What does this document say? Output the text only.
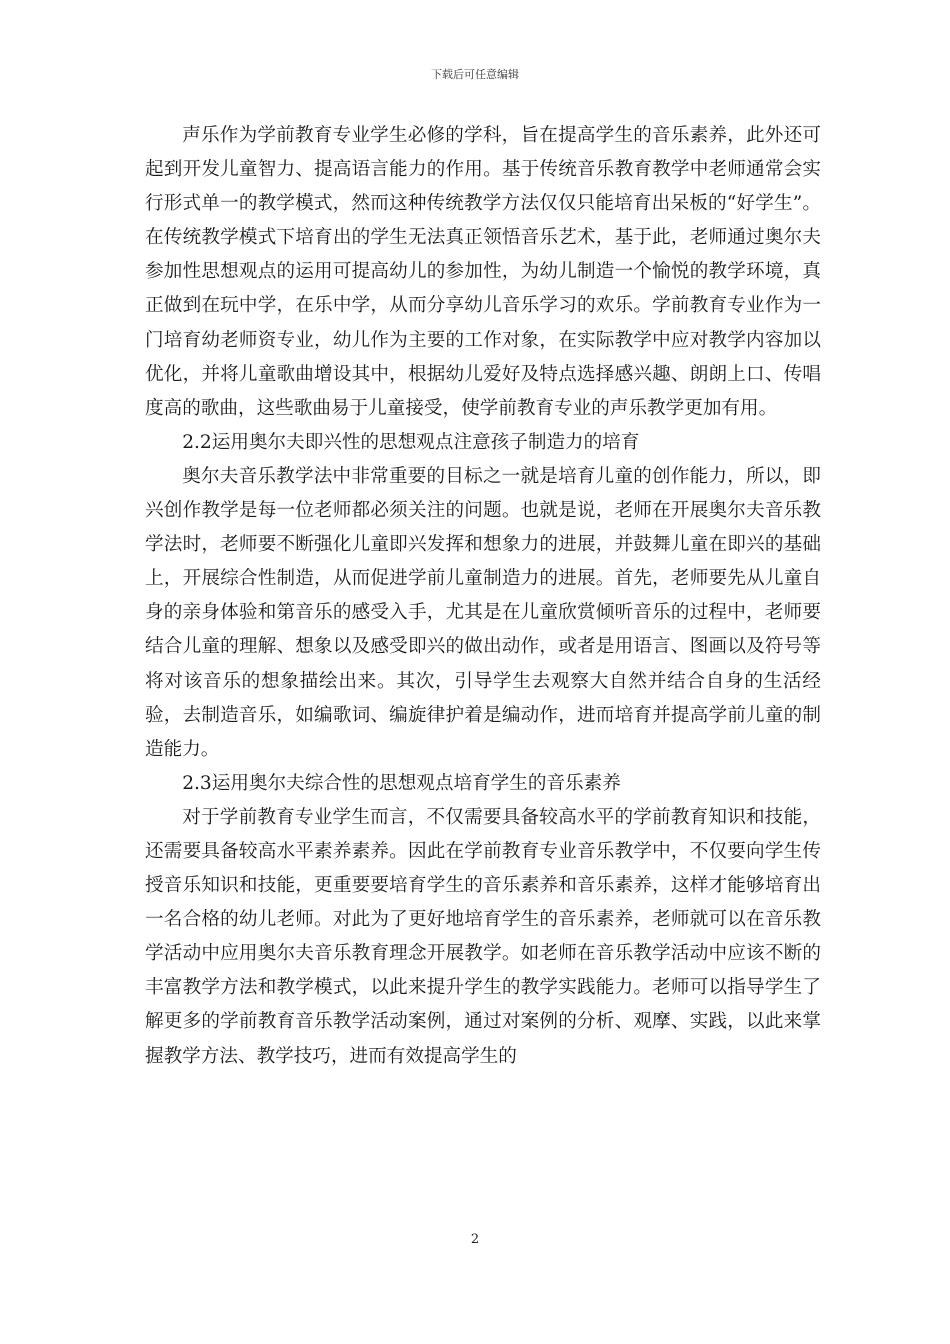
下载后可任意编辑

声乐作为学前教育专业学生必修的学科，旨在提高学生的音乐素养，此外还可起到开发儿童智力、提高语言能力的作用。基于传统音乐教育教学中老师通常会实行形式单一的教学模式，然而这种传统教学方法仅仅只能培育出呆板的“好学生”。在传统教学模式下培育出的学生无法真正领悟音乐艺术，基于此，老师通过奥尔夫参加性思想观点的运用可提高幼儿的参加性，为幼儿制造一个愉悦的教学环境，真正做到在玩中学，在乐中学，从而分享幼儿音乐学习的欢乐。学前教育专业作为一门培育幼老师资专业，幼儿作为主要的工作对象，在实际教学中应对教学内容加以优化，并将儿童歌曲增设其中，根据幼儿爱好及特点选择感兴趣、朗朗上口、传唱度高的歌曲，这些歌曲易于儿童接受，使学前教育专业的声乐教学更加有用。

2.2运用奥尔夫即兴性的思想观点注意孩子制造力的培育

奥尔夫音乐教学法中非常重要的目标之一就是培育儿童的创作能力，所以，即兴创作教学是每一位老师都必须关注的问题。也就是说，老师在开展奥尔夫音乐教学法时，老师要不断强化儿童即兴发挥和想象力的进展，并鼓舞儿童在即兴的基础上，开展综合性制造，从而促进学前儿童制造力的进展。首先，老师要先从儿童自身的亲身体验和第音乐的感受入手，尤其是在儿童欣赏倾听音乐的过程中，老师要结合儿童的理解、想象以及感受即兴的做出动作，或者是用语言、图画以及符号等将对该音乐的想象描绘出来。其次，引导学生去观察大自然并结合自身的生活经验，去制造音乐，如编歌词、编旋律护着是编动作，进而培育并提高学前儿童的制造能力。

2.3运用奥尔夫综合性的思想观点培育学生的音乐素养

对于学前教育专业学生而言，不仅需要具备较高水平的学前教育知识和技能，还需要具备较高水平素养素养。因此在学前教育专业音乐教学中，不仅要向学生传授音乐知识和技能，更重要要培育学生的音乐素养和音乐素养，这样才能够培育出一名合格的幼儿老师。对此为了更好地培育学生的音乐素养，老师就可以在音乐教学活动中应用奥尔夫音乐教育理念开展教学。如老师在音乐教学活动中应该不断的丰富教学方法和教学模式，以此来提升学生的教学实践能力。老师可以指导学生了解更多的学前教育音乐教学活动案例，通过对案例的分析、观摩、实践，以此来掌握教学方法、教学技巧，进而有效提高学生的

2
